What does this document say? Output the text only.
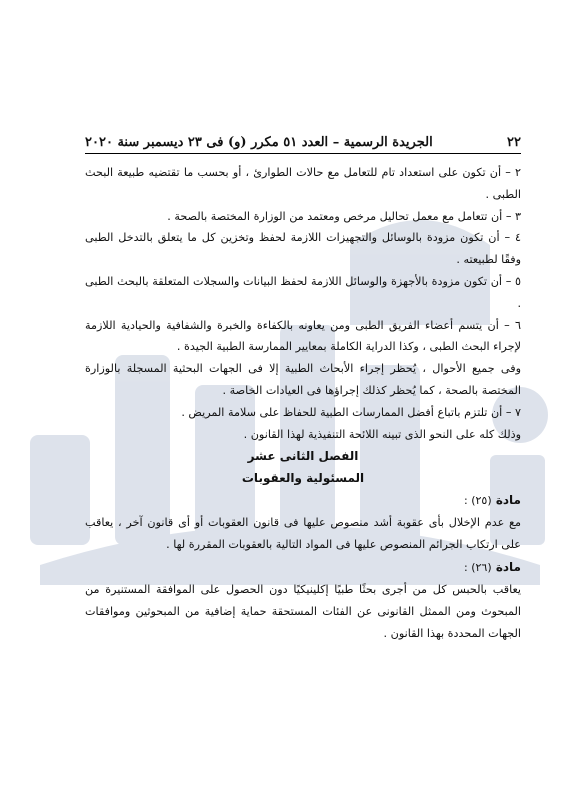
٢٢
الجريدة الرسمية – العدد ٥١ مكرر (و) فى ٢٣ ديسمبر سنة ٢٠٢٠

٢ – أن تكون على استعداد تام للتعامل مع حالات الطوارئ ، أو بحسب ما تقتضيه طبيعة البحث الطبى .

٣ – أن تتعامل مع معمل تحاليل مرخص ومعتمد من الوزارة المختصة بالصحة .

٤ – أن تكون مزودة بالوسائل والتجهيزات اللازمة لحفظ وتخزين كل ما يتعلق بالتدخل الطبى وفقًا لطبيعته .

٥ – أن تكون مزودة بالأجهزة والوسائل اللازمة لحفظ البيانات والسجلات المتعلقة بالبحث الطبى .

٦ – أن يتسم أعضاء الفريق الطبى ومن يعاونه بالكفاءة والخبرة والشفافية والحيادية اللازمة لإجراء البحث الطبى ، وكذا الدراية الكاملة بمعايير الممارسة الطبية الجيدة .

وفى جميع الأحوال ، يُحظر إجراء الأبحاث الطبية إلا فى الجهات البحثية المسجلة بالوزارة المختصة بالصحة ، كما يُحظر كذلك إجراؤها فى العيادات الخاصة .

٧ – أن تلتزم باتباع أفضل الممارسات الطبية للحفاظ على سلامة المريض .

وذلك كله على النحو الذى تبينه اللائحة التنفيذية لهذا القانون .

الفصل الثانى عشر

المسئولية والعقوبات

مادة (٢٥) :

مع عدم الإخلال بأى عقوبة أشد منصوص عليها فى قانون العقوبات أو أى قانون آخر ، يعاقب على ارتكاب الجرائم المنصوص عليها فى المواد التالية بالعقوبات المقررة لها .

مادة (٢٦) :

يعاقب بالحبس كل من أجرى بحثًا طبيًا إكلينيكيًا دون الحصول على الموافقة المستنيرة من المبحوث ومن الممثل القانونى عن الفئات المستحقة حماية إضافية من المبحوثين وموافقات الجهات المحددة بهذا القانون .
